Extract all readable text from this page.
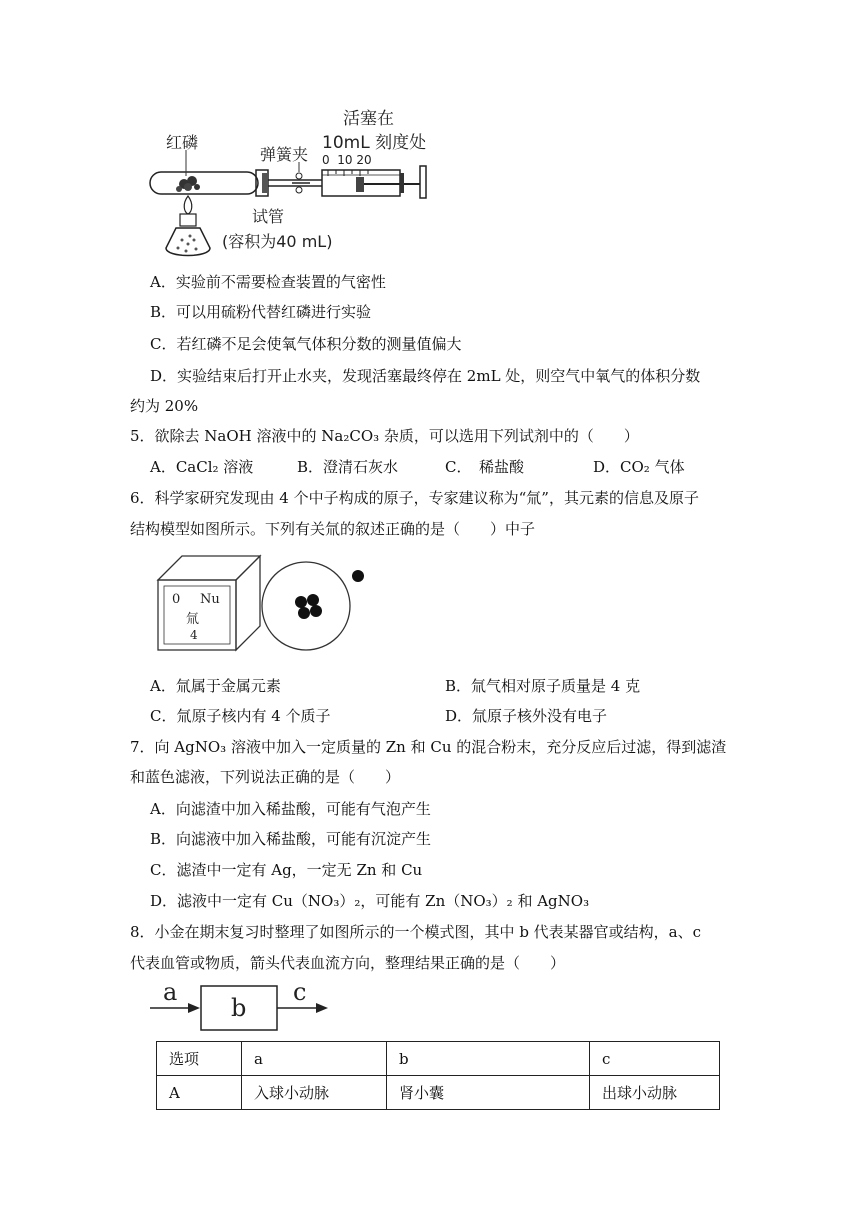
红磷
弹簧夹
活塞在
10mL 刻度处
0  10 20
试管
(容积为40 mL)
A．实验前不需要检查装置的气密性
B．可以用硫粉代替红磷进行实验
C．若红磷不足会使氧气体积分数的测量值偏大
D．实验结束后打开止水夹，发现活塞最终停在 2mL 处，则空气中氧气的体积分数
约为 20%
5．欲除去 NaOH 溶液中的 Na₂CO₃ 杂质，可以选用下列试剂中的（　　）
A．CaCl₂ 溶液	B．澄清石灰水	C．　稀盐酸	D．CO₂ 气体
6．科学家研究发现由 4 个中子构成的原子，专家建议称为“氚”，其元素的信息及原子
结构模型如图所示。下列有关氚的叙述正确的是（　　）中子
0 Nu
氚
4
A．氚属于金属元素	B．氚气相对原子质量是 4 克
C．氚原子核内有 4 个质子	D．氚原子核外没有电子
7．向 AgNO₃ 溶液中加入一定质量的 Zn 和 Cu 的混合粉末，充分反应后过滤，得到滤渣
和蓝色滤液，下列说法正确的是（　　）
A．向滤渣中加入稀盐酸，可能有气泡产生
B．向滤液中加入稀盐酸，可能有沉淀产生
C．滤渣中一定有 Ag，一定无 Zn 和 Cu
D．滤液中一定有 Cu（NO₃）₂，可能有 Zn（NO₃）₂ 和 AgNO₃
8．小金在期末复习时整理了如图所示的一个模式图，其中 b 代表某器官或结构，a、c
代表血管或物质，箭头代表血流方向，整理结果正确的是（　　）
a
b
c
选项	a	b	c
A	入球小动脉	肾小囊	出球小动脉
